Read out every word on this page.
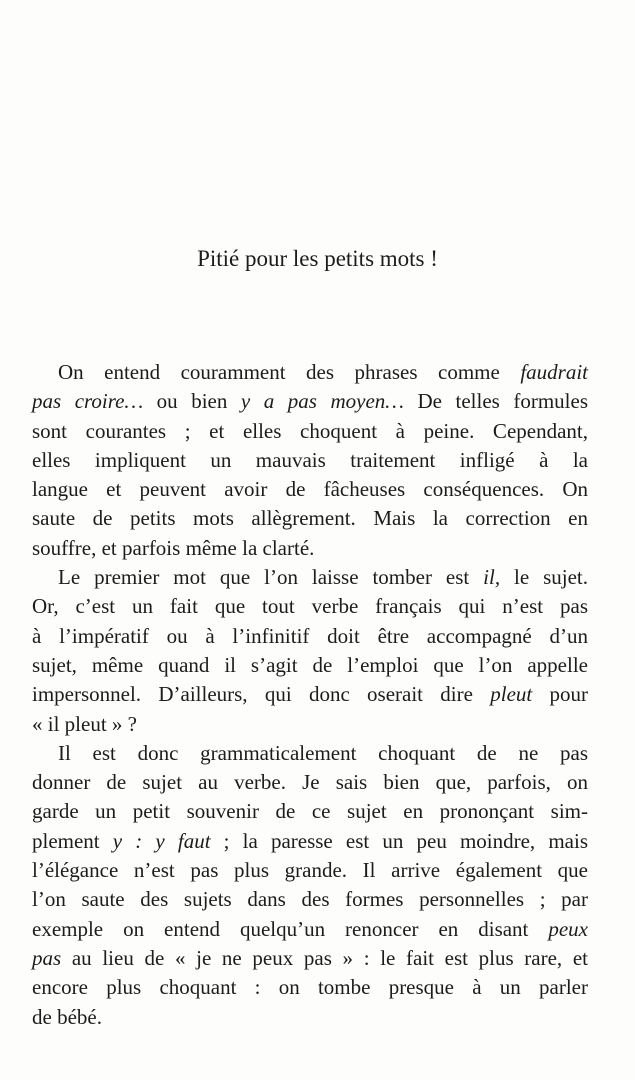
Pitié pour les petits mots !
On entend couramment des phrases comme faudrait
pas croire… ou bien y a pas moyen… De telles formules
sont courantes ; et elles choquent à peine. Cependant,
elles impliquent un mauvais traitement infligé à la
langue et peuvent avoir de fâcheuses conséquences. On
saute de petits mots allègrement. Mais la correction en
souffre, et parfois même la clarté.
Le premier mot que l’on laisse tomber est il, le sujet.
Or, c’est un fait que tout verbe français qui n’est pas
à l’impératif ou à l’infinitif doit être accompagné d’un
sujet, même quand il s’agit de l’emploi que l’on appelle
impersonnel. D’ailleurs, qui donc oserait dire pleut pour
« il pleut » ?
Il est donc grammaticalement choquant de ne pas
donner de sujet au verbe. Je sais bien que, parfois, on
garde un petit souvenir de ce sujet en prononçant sim-
plement y : y faut ; la paresse est un peu moindre, mais
l’élégance n’est pas plus grande. Il arrive également que
l’on saute des sujets dans des formes personnelles ; par
exemple on entend quelqu’un renoncer en disant peux
pas au lieu de « je ne peux pas » : le fait est plus rare, et
encore plus choquant : on tombe presque à un parler
de bébé.
